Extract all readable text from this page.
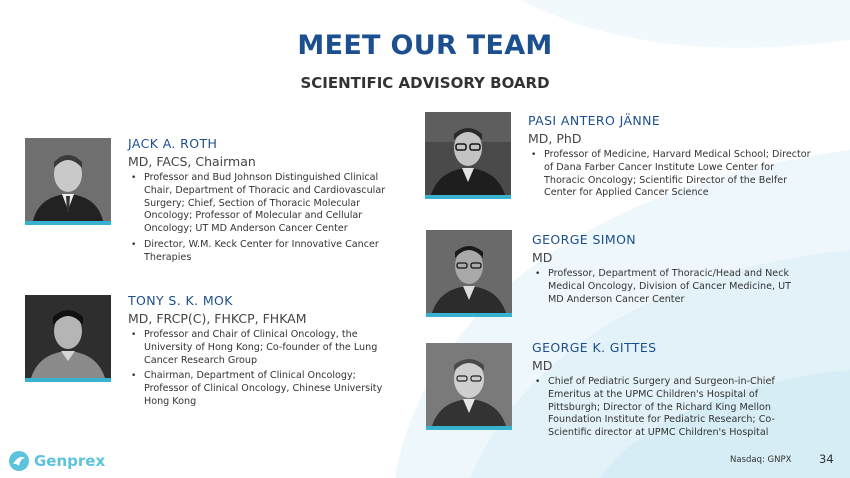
MEET OUR TEAM
SCIENTIFIC ADVISORY BOARD
JACK A. ROTH
MD, FACS, Chairman
• Professor and Bud Johnson Distinguished Clinical Chair, Department of Thoracic and Cardiovascular Surgery; Chief, Section of Thoracic Molecular Oncology; Professor of Molecular and Cellular Oncology; UT MD Anderson Cancer Center
• Director, W.M. Keck Center for Innovative Cancer Therapies
TONY S. K. MOK
MD, FRCP(C), FHKCP, FHKAM
• Professor and Chair of Clinical Oncology, the University of Hong Kong; Co-founder of the Lung Cancer Research Group
• Chairman, Department of Clinical Oncology; Professor of Clinical Oncology, Chinese University Hong Kong
PASI ANTERO JÄNNE
MD, PhD
• Professor of Medicine, Harvard Medical School; Director of Dana Farber Cancer Institute Lowe Center for Thoracic Oncology; Scientific Director of the Belfer Center for Applied Cancer Science
GEORGE SIMON
MD
• Professor, Department of Thoracic/Head and Neck Medical Oncology, Division of Cancer Medicine, UT MD Anderson Cancer Center
GEORGE K. GITTES
MD
• Chief of Pediatric Surgery and Surgeon-in-Chief Emeritus at the UPMC Children's Hospital of Pittsburgh; Director of the Richard King Mellon Foundation Institute for Pediatric Research; Co-Scientific director at UPMC Children's Hospital
Genprex	Nasdaq: GNPX 34
